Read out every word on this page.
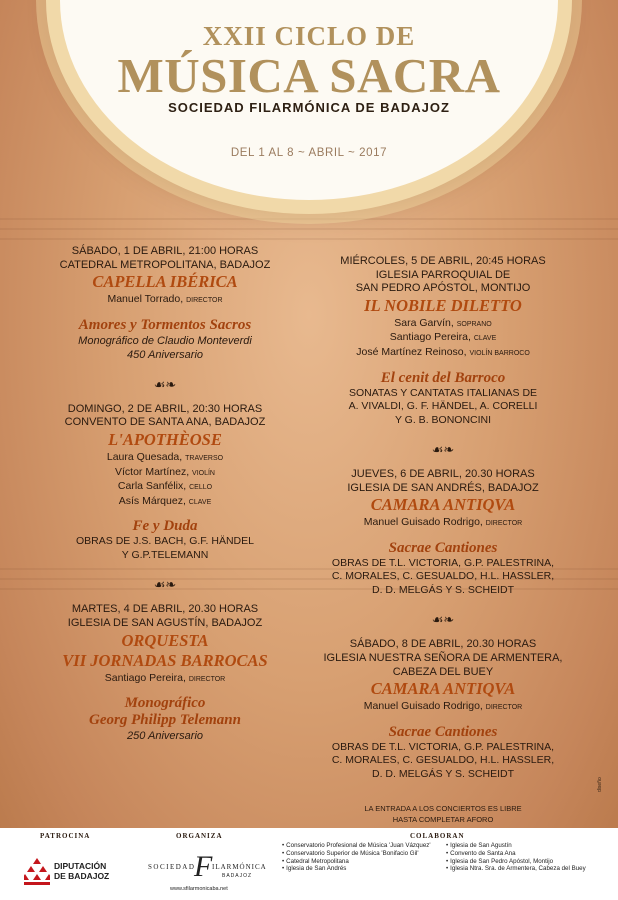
XXII CICLO DE
MÚSICA SACRA
SOCIEDAD FILARMÓNICA DE BADAJOZ
DEL 1 AL 8 ~ ABRIL ~ 2017
SÁBADO, 1 DE ABRIL, 21:00 HORAS
CATEDRAL METROPOLITANA, BADAJOZ
CAPELLA IBÉRICA
Manuel Torrado, DIRECTOR
Amores y Tormentos Sacros
Monográfico de Claudio Monteverdi
450 Aniversario
☙❧
DOMINGO, 2 DE ABRIL, 20:30 HORAS
CONVENTO DE SANTA ANA, BADAJOZ
L'APOTHÈOSE
Laura Quesada, TRAVERSO
Víctor Martínez, VIOLÍN
Carla Sanfélix, CELLO
Asís Márquez, CLAVE
Fe y Duda
OBRAS DE J.S. BACH, G.F. HÄNDEL
Y G.P.TELEMANN
☙❧
MARTES, 4 DE ABRIL, 20.30 HORAS
IGLESIA DE SAN AGUSTÍN, BADAJOZ
ORQUESTA
VII JORNADAS BARROCAS
Santiago Pereira, DIRECTOR
Monográfico
Georg Philipp Telemann
250 Aniversario
MIÉRCOLES, 5 DE ABRIL, 20:45 HORAS
IGLESIA PARROQUIAL DE
SAN PEDRO APÓSTOL, MONTIJO
IL NOBILE DILETTO
Sara Garvín, SOPRANO
Santiago Pereira, CLAVE
José Martínez Reinoso, VIOLÍN BARROCO
El cenit del Barroco
SONATAS Y CANTATAS ITALIANAS DE
A. VIVALDI, G. F. HÄNDEL, A. CORELLI
Y G. B. BONONCINI
☙❧
JUEVES, 6 DE ABRIL, 20.30 HORAS
IGLESIA DE SAN ANDRÉS, BADAJOZ
CAMARA ANTIQVA
Manuel Guisado Rodrigo, DIRECTOR
Sacrae Cantiones
OBRAS DE T.L. VICTORIA, G.P. PALESTRINA,
C. MORALES, C. GESUALDO, H.L. HASSLER,
D. D. MELGÁS Y S. SCHEIDT
☙❧
SÁBADO, 8 DE ABRIL, 20.30 HORAS
IGLESIA NUESTRA SEÑORA DE ARMENTERA,
CABEZA DEL BUEY
CAMARA ANTIQVA
Manuel Guisado Rodrigo, DIRECTOR
Sacrae Cantiones
OBRAS DE T.L. VICTORIA, G.P. PALESTRINA,
C. MORALES, C. GESUALDO, H.L. HASSLER,
D. D. MELGÁS Y S. SCHEIDT
LA ENTRADA A LOS CONCIERTOS ES LIBRE
HASTA COMPLETAR AFORO
diseño
PATROCINA	ORGANIZA	COLABORAN
DIPUTACIÓN
DE BADAJOZ
SOCIEDAD
F ILARMÓNICA
BADAJOZ
www.sfilarmonicaba.net
• Conservatorio Profesional de Música 'Juan Vázquez'
• Conservatorio Superior de Música 'Bonifacio Gil'
• Catedral Metropolitana
• Iglesia de San Andrés
• Iglesia de San Agustín
• Convento de Santa Ana
• Iglesia de San Pedro Apóstol, Montijo
• Iglesia Ntra. Sra. de Armentera, Cabeza del Buey
